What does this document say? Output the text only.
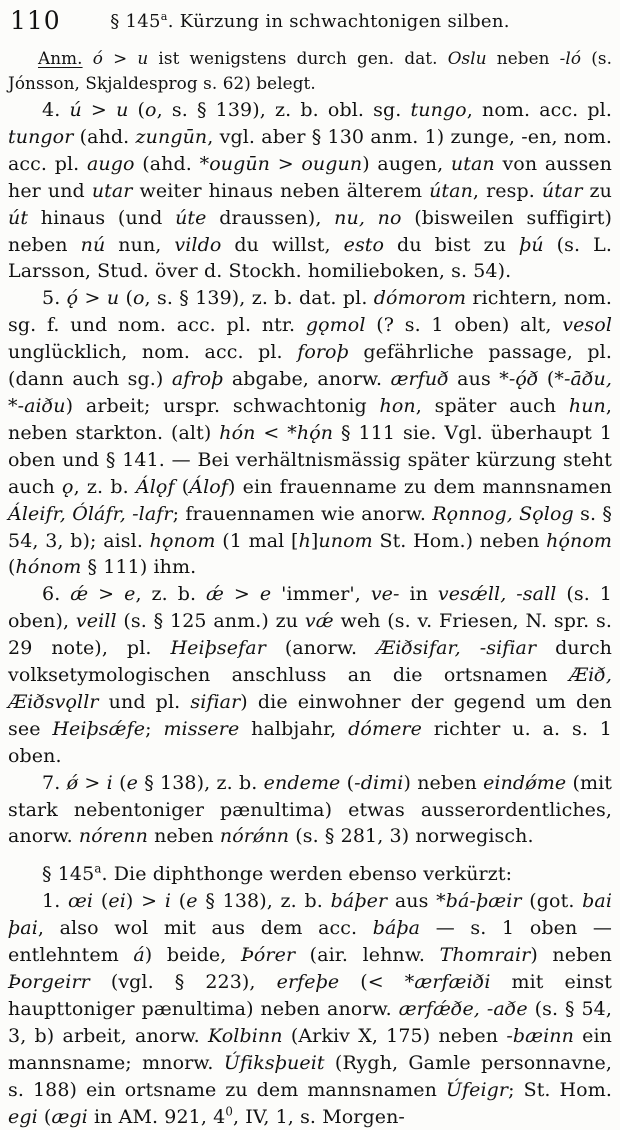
110	§ 145$^a$. Kürzung in schwachtonigen silben.

Anm. ó > u ist wenigstens durch gen. dat. Oslu neben -ló (s. Jónsson, Skjaldesprog s. 62) belegt.

4. ú > u (o, s. § 139), z. b. obl. sg. tungo, nom. acc. pl. tungor (ahd. zungūn, vgl. aber § 130 anm. 1) zunge, -en, nom. acc. pl. augo (ahd. *ougūn > ougun) augen, utan von aussen her und utar weiter hinaus neben älterem útan, resp. útar zu út hinaus (und úte draussen), nu, no (bisweilen suffigirt) neben nú nun, vildo du willst, esto du bist zu þú (s. L. Larsson, Stud. över d. Stockh. homilieboken, s. 54).

5. ǫ́ > u (o, s. § 139), z. b. dat. pl. dómorom richtern, nom. sg. f. und nom. acc. pl. ntr. gǫmol (? s. 1 oben) alt, vesol unglücklich, nom. acc. pl. foroþ gefährliche passage, pl. (dann auch sg.) afroþ abgabe, anorw. ærfuð aus *-ǫ́ð (*-āðu, *-aiðu) arbeit; urspr. schwachtonig hon, später auch hun, neben starkton. (alt) hón < *hǫ́n § 111 sie. Vgl. überhaupt 1 oben und § 141. — Bei verhältnismässig später kürzung steht auch ǫ, z. b. Álǫf (Álof) ein frauenname zu dem mannsnamen Áleifr, Óláfr, -lafr; frauennamen wie anorw. Rǫnnog, Sǫlog s. § 54, 3, b); aisl. hǫnom (1 mal [h]unom St. Hom.) neben hǫ́nom (hónom § 111) ihm.

6. ǽ > e, z. b. ǽ > e 'immer', ve- in vesǽll, -sall (s. 1 oben), veill (s. § 125 anm.) zu vǽ weh (s. v. Friesen, N. spr. s. 29 note), pl. Heiþsefar (anorw. Æiðsifar, -sifiar durch volksetymologischen anschluss an die ortsnamen Æið, Æiðsvǫllr und pl. sifiar) die einwohner der gegend um den see Heiþsǽfe; missere halbjahr, dómere richter u. a. s. 1 oben.

7. ǿ > i (e § 138), z. b. endeme (-dimi) neben eindǿme (mit stark nebentoniger pænultima) etwas ausserordentliches, anorw. nórenn neben nórǿnn (s. § 281, 3) norwegisch.

§ 145$^a$. Die diphthonge werden ebenso verkürzt:

1. œi (ei) > i (e § 138), z. b. báþer aus *bá-þæir (got. bai þai, also wol mit aus dem acc. báþa — s. 1 oben — entlehntem á) beide, Þórer (air. lehnw. Thomrair) neben Þorgeirr (vgl. § 223), erfeþe (< *ærfæiði mit einst haupttoniger pænultima) neben anorw. ærfǽðe, -aðe (s. § 54, 3, b) arbeit, anorw. Kolbinn (Arkiv X, 175) neben -bæinn ein mannsname; mnorw. Úfiksþueit (Rygh, Gamle personnavne, s. 188) ein ortsname zu dem mannsnamen Úfeigr; St. Hom. egi (ægi in AM. 921, $4^0$, IV, 1, s. Morgen-
